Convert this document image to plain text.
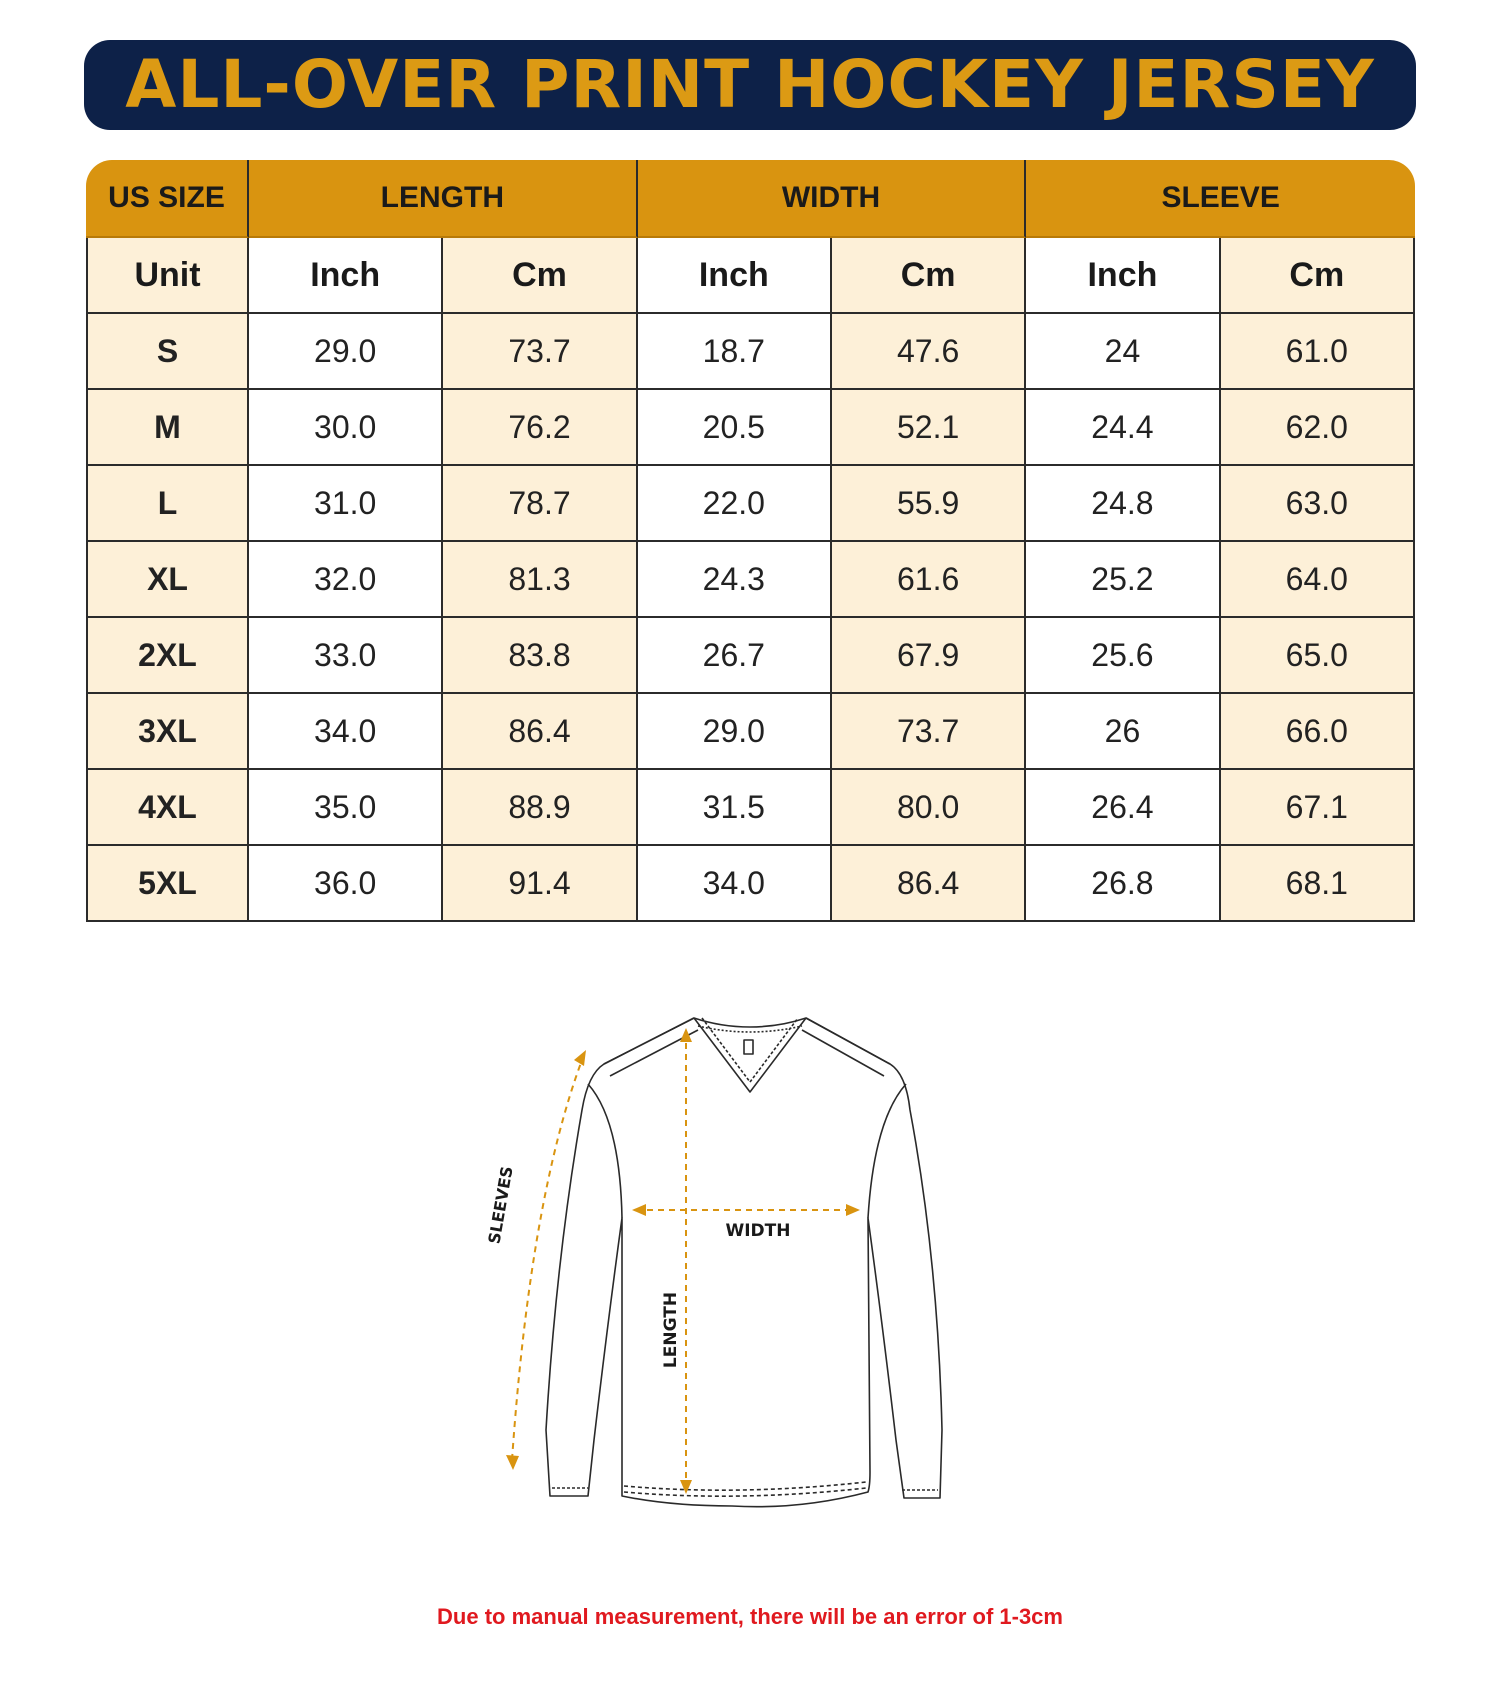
ALL-OVER PRINT HOCKEY JERSEY
US SIZE	LENGTH		WIDTH		SLEEVE	
Unit	Inch	Cm	Inch	Cm	Inch	Cm
S	29.0	73.7	18.7	47.6	24	61.0
M	30.0	76.2	20.5	52.1	24.4	62.0
L	31.0	78.7	22.0	55.9	24.8	63.0
XL	32.0	81.3	24.3	61.6	25.2	64.0
2XL	33.0	83.8	26.7	67.9	25.6	65.0
3XL	34.0	86.4	29.0	73.7	26	66.0
4XL	35.0	88.9	31.5	80.0	26.4	67.1
5XL	36.0	91.4	34.0	86.4	26.8	68.1
WIDTH
LENGTH
SLEEVES
Due to manual measurement, there will be an error of 1-3cm
